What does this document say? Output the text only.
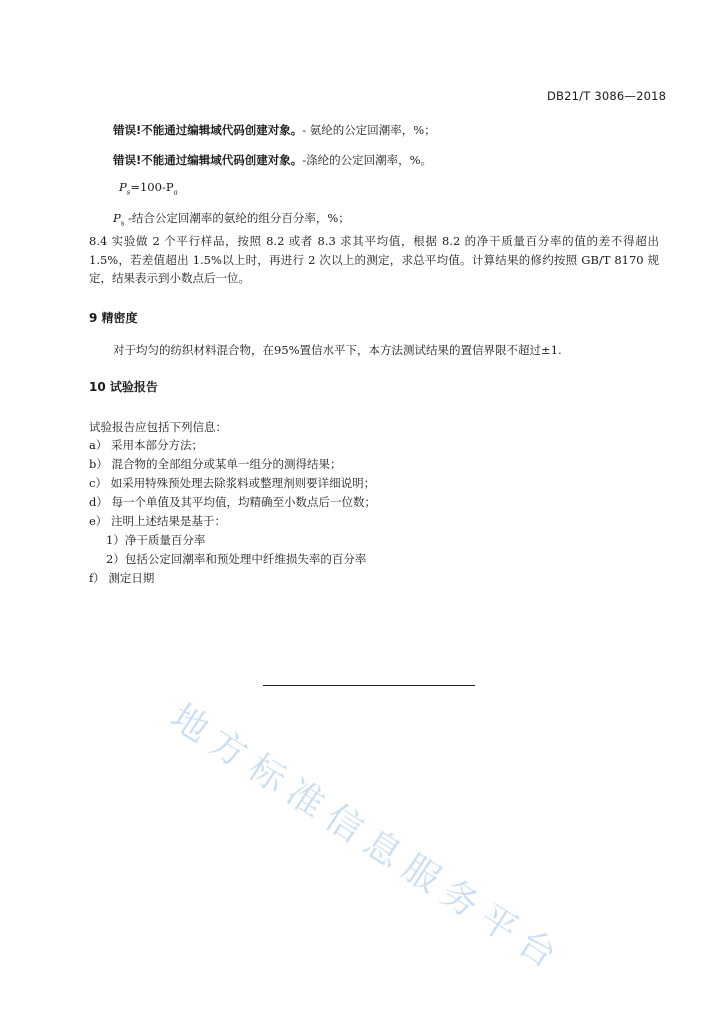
DB21/T 3086—2018
错误!不能通过编辑域代码创建对象。- 氨纶的公定回潮率，%；
错误!不能通过编辑域代码创建对象。-涤纶的公定回潮率，%。
$P_s=100-P_a$
$P_s$ -结合公定回潮率的氨纶的组分百分率，%；
8.4 实验做 2 个平行样品，按照 8.2 或者 8.3 求其平均值，根据 8.2 的净干质量百分率的值的差不得超出 1.5%，若差值超出 1.5%以上时，再进行 2 次以上的测定，求总平均值。计算结果的修约按照 GB/T 8170 规定，结果表示到小数点后一位。
9 精密度
对于均匀的纺织材料混合物，在95%置信水平下，本方法测试结果的置信界限不超过±1.
10 试验报告
试验报告应包括下列信息：
a） 采用本部分方法；
b） 混合物的全部组分或某单一组分的测得结果；
c） 如采用特殊预处理去除浆料或整理剂则要详细说明；
d） 每一个单值及其平均值，均精确至小数点后一位数；
e） 注明上述结果是基于：
1）净干质量百分率
2）包括公定回潮率和预处理中纤维损失率的百分率
f） 测定日期
地方标准信息服务平台
